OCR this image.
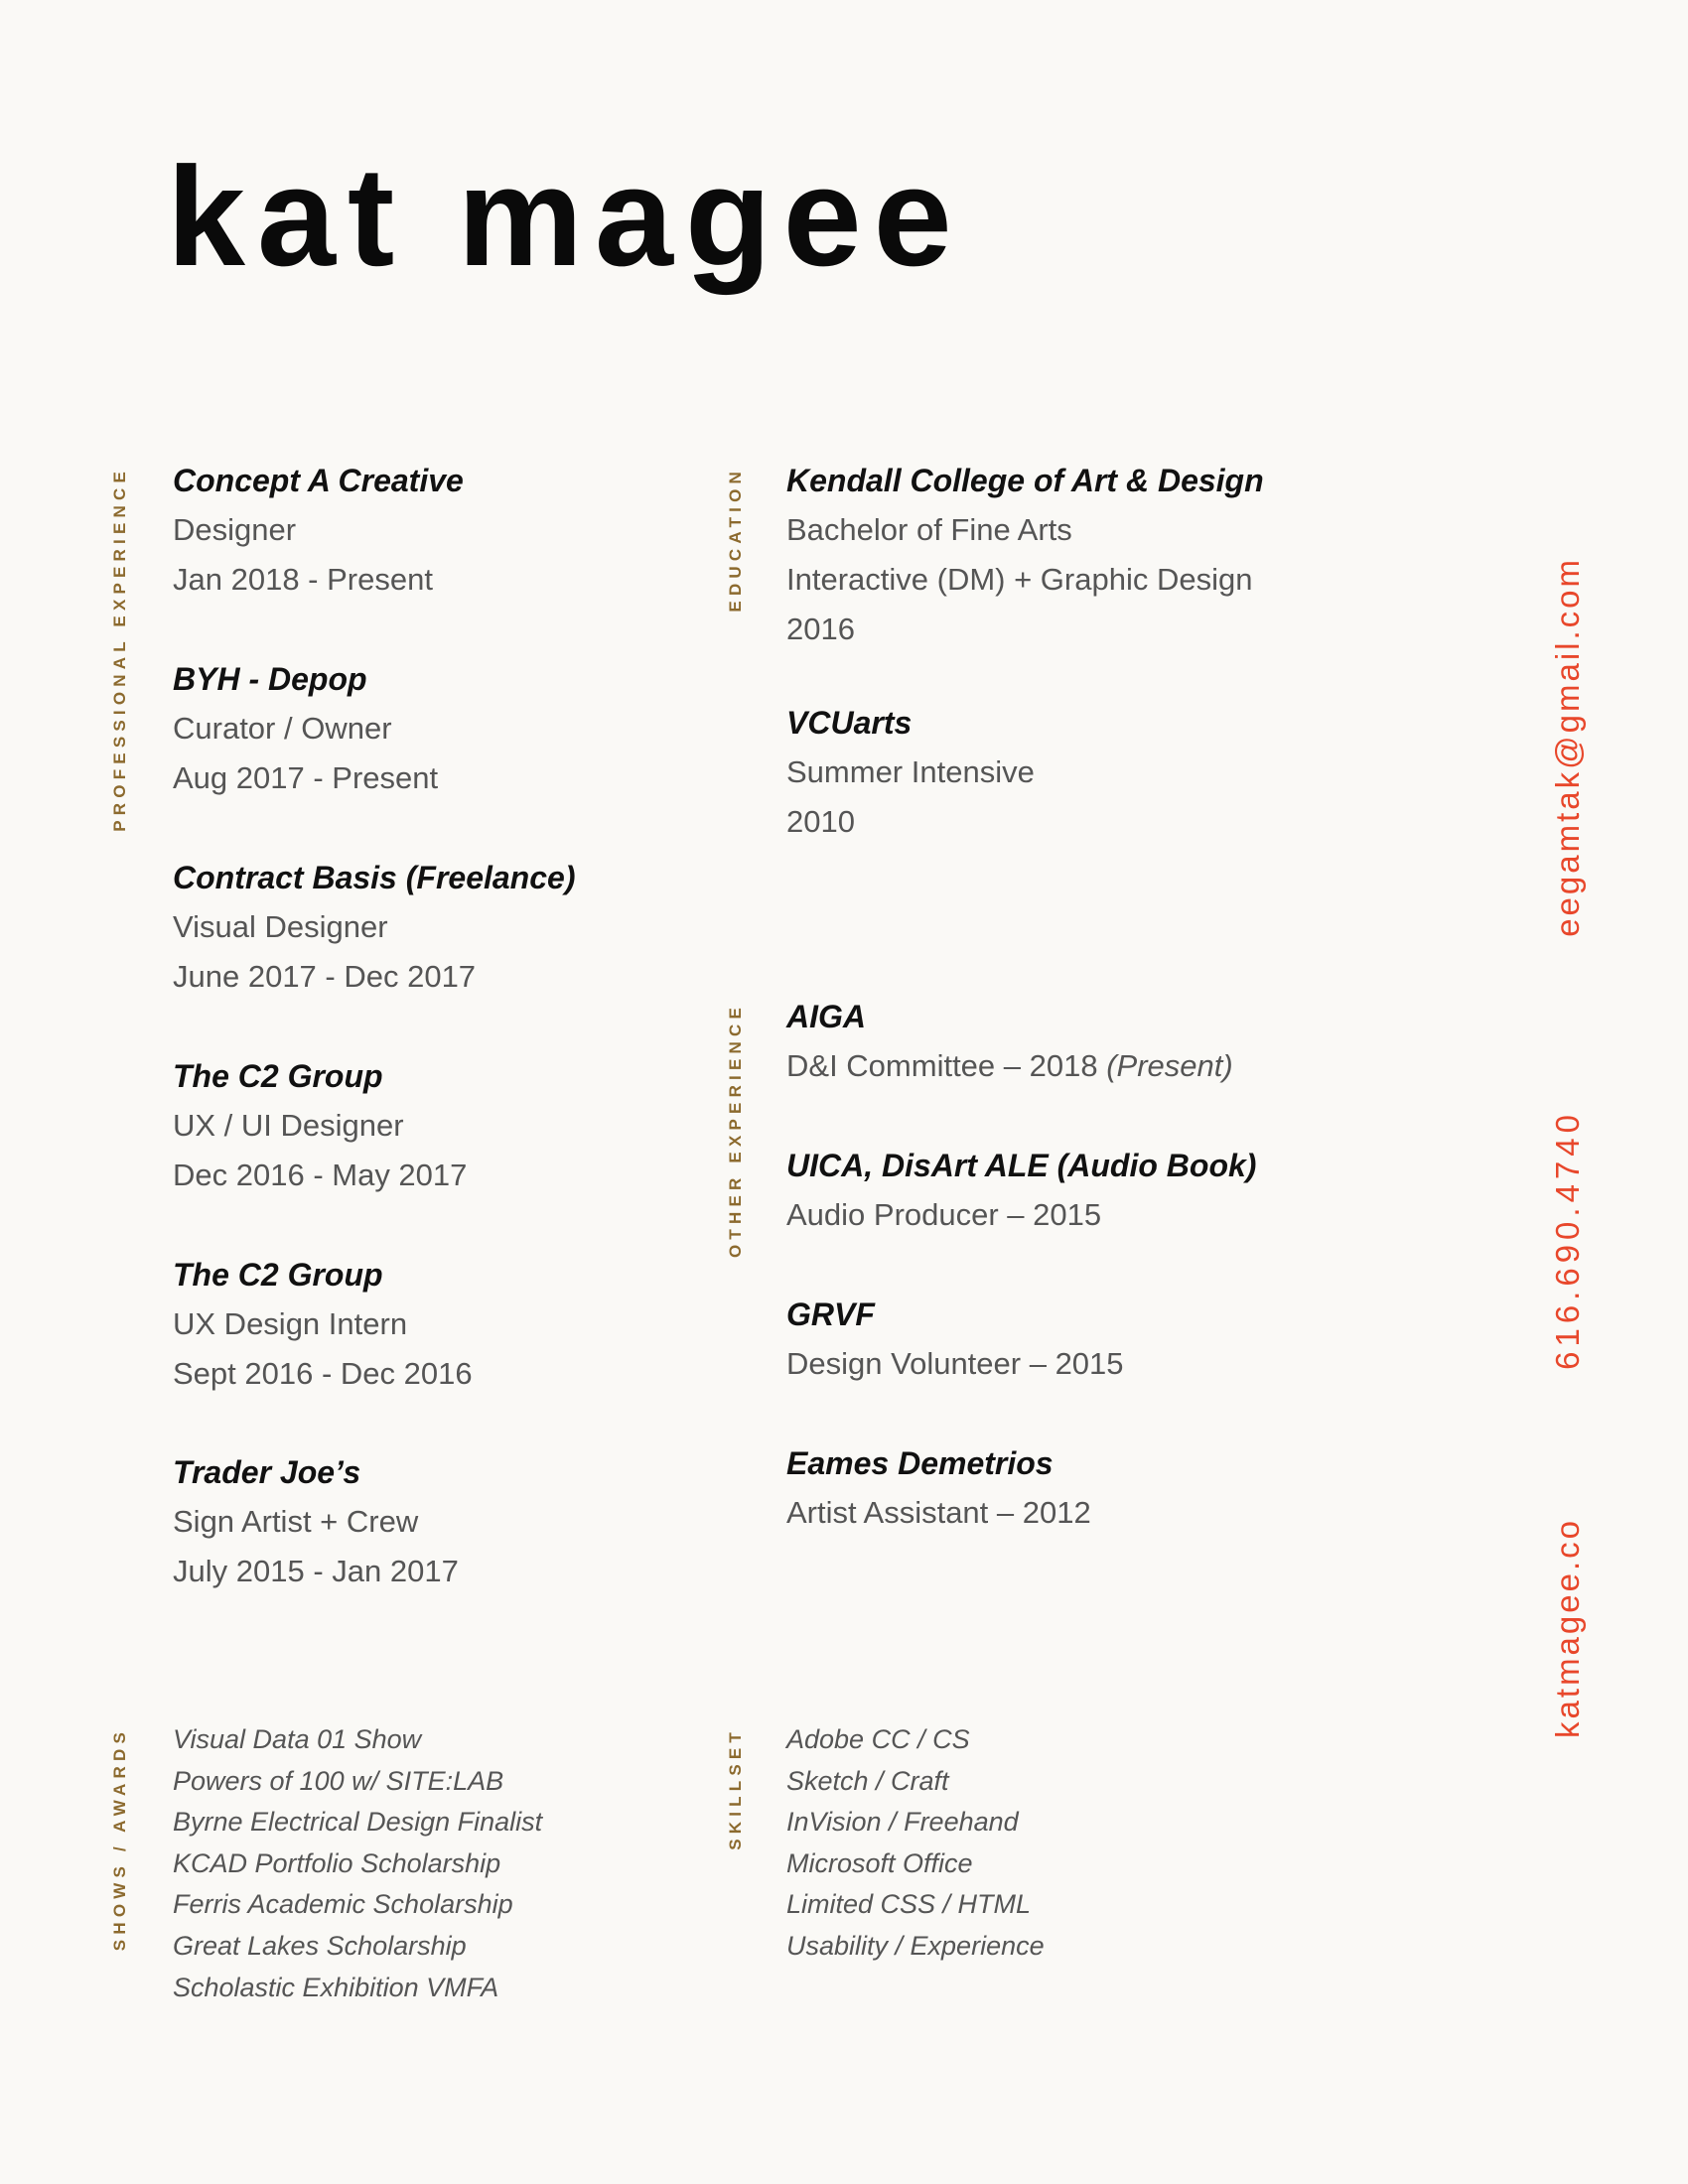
kat magee
PROFESSIONAL EXPERIENCE	EDUCATION
OTHER EXPERIENCE
SHOWS / AWARDS	SKILLSET
Concept A Creative
Designer
Jan 2018 - Present
BYH - Depop
Curator / Owner
Aug 2017 - Present
Contract Basis (Freelance)
Visual Designer
June 2017 - Dec 2017
The C2 Group
UX / UI Designer
Dec 2016 - May 2017
The C2 Group
UX Design Intern
Sept 2016 - Dec 2016
Trader Joe’s
Sign Artist + Crew
July 2015 - Jan 2017
Kendall College of Art & Design
Bachelor of Fine Arts
Interactive (DM) + Graphic Design
2016
VCUarts
Summer Intensive
2010
AIGA
D&I Committee – 2018 (Present)
UICA, DisArt ALE (Audio Book)
Audio Producer – 2015
GRVF
Design Volunteer – 2015
Eames Demetrios
Artist Assistant – 2012
Visual Data 01 Show
Powers of 100 w/ SITE:LAB
Byrne Electrical Design Finalist
KCAD Portfolio Scholarship
Ferris Academic Scholarship
Great Lakes Scholarship
Scholastic Exhibition VMFA
Adobe CC / CS
Sketch / Craft
InVision / Freehand
Microsoft Office
Limited CSS / HTML
Usability / Experience
eegamtak@gmail.com
616.690.4740
katmagee.co
